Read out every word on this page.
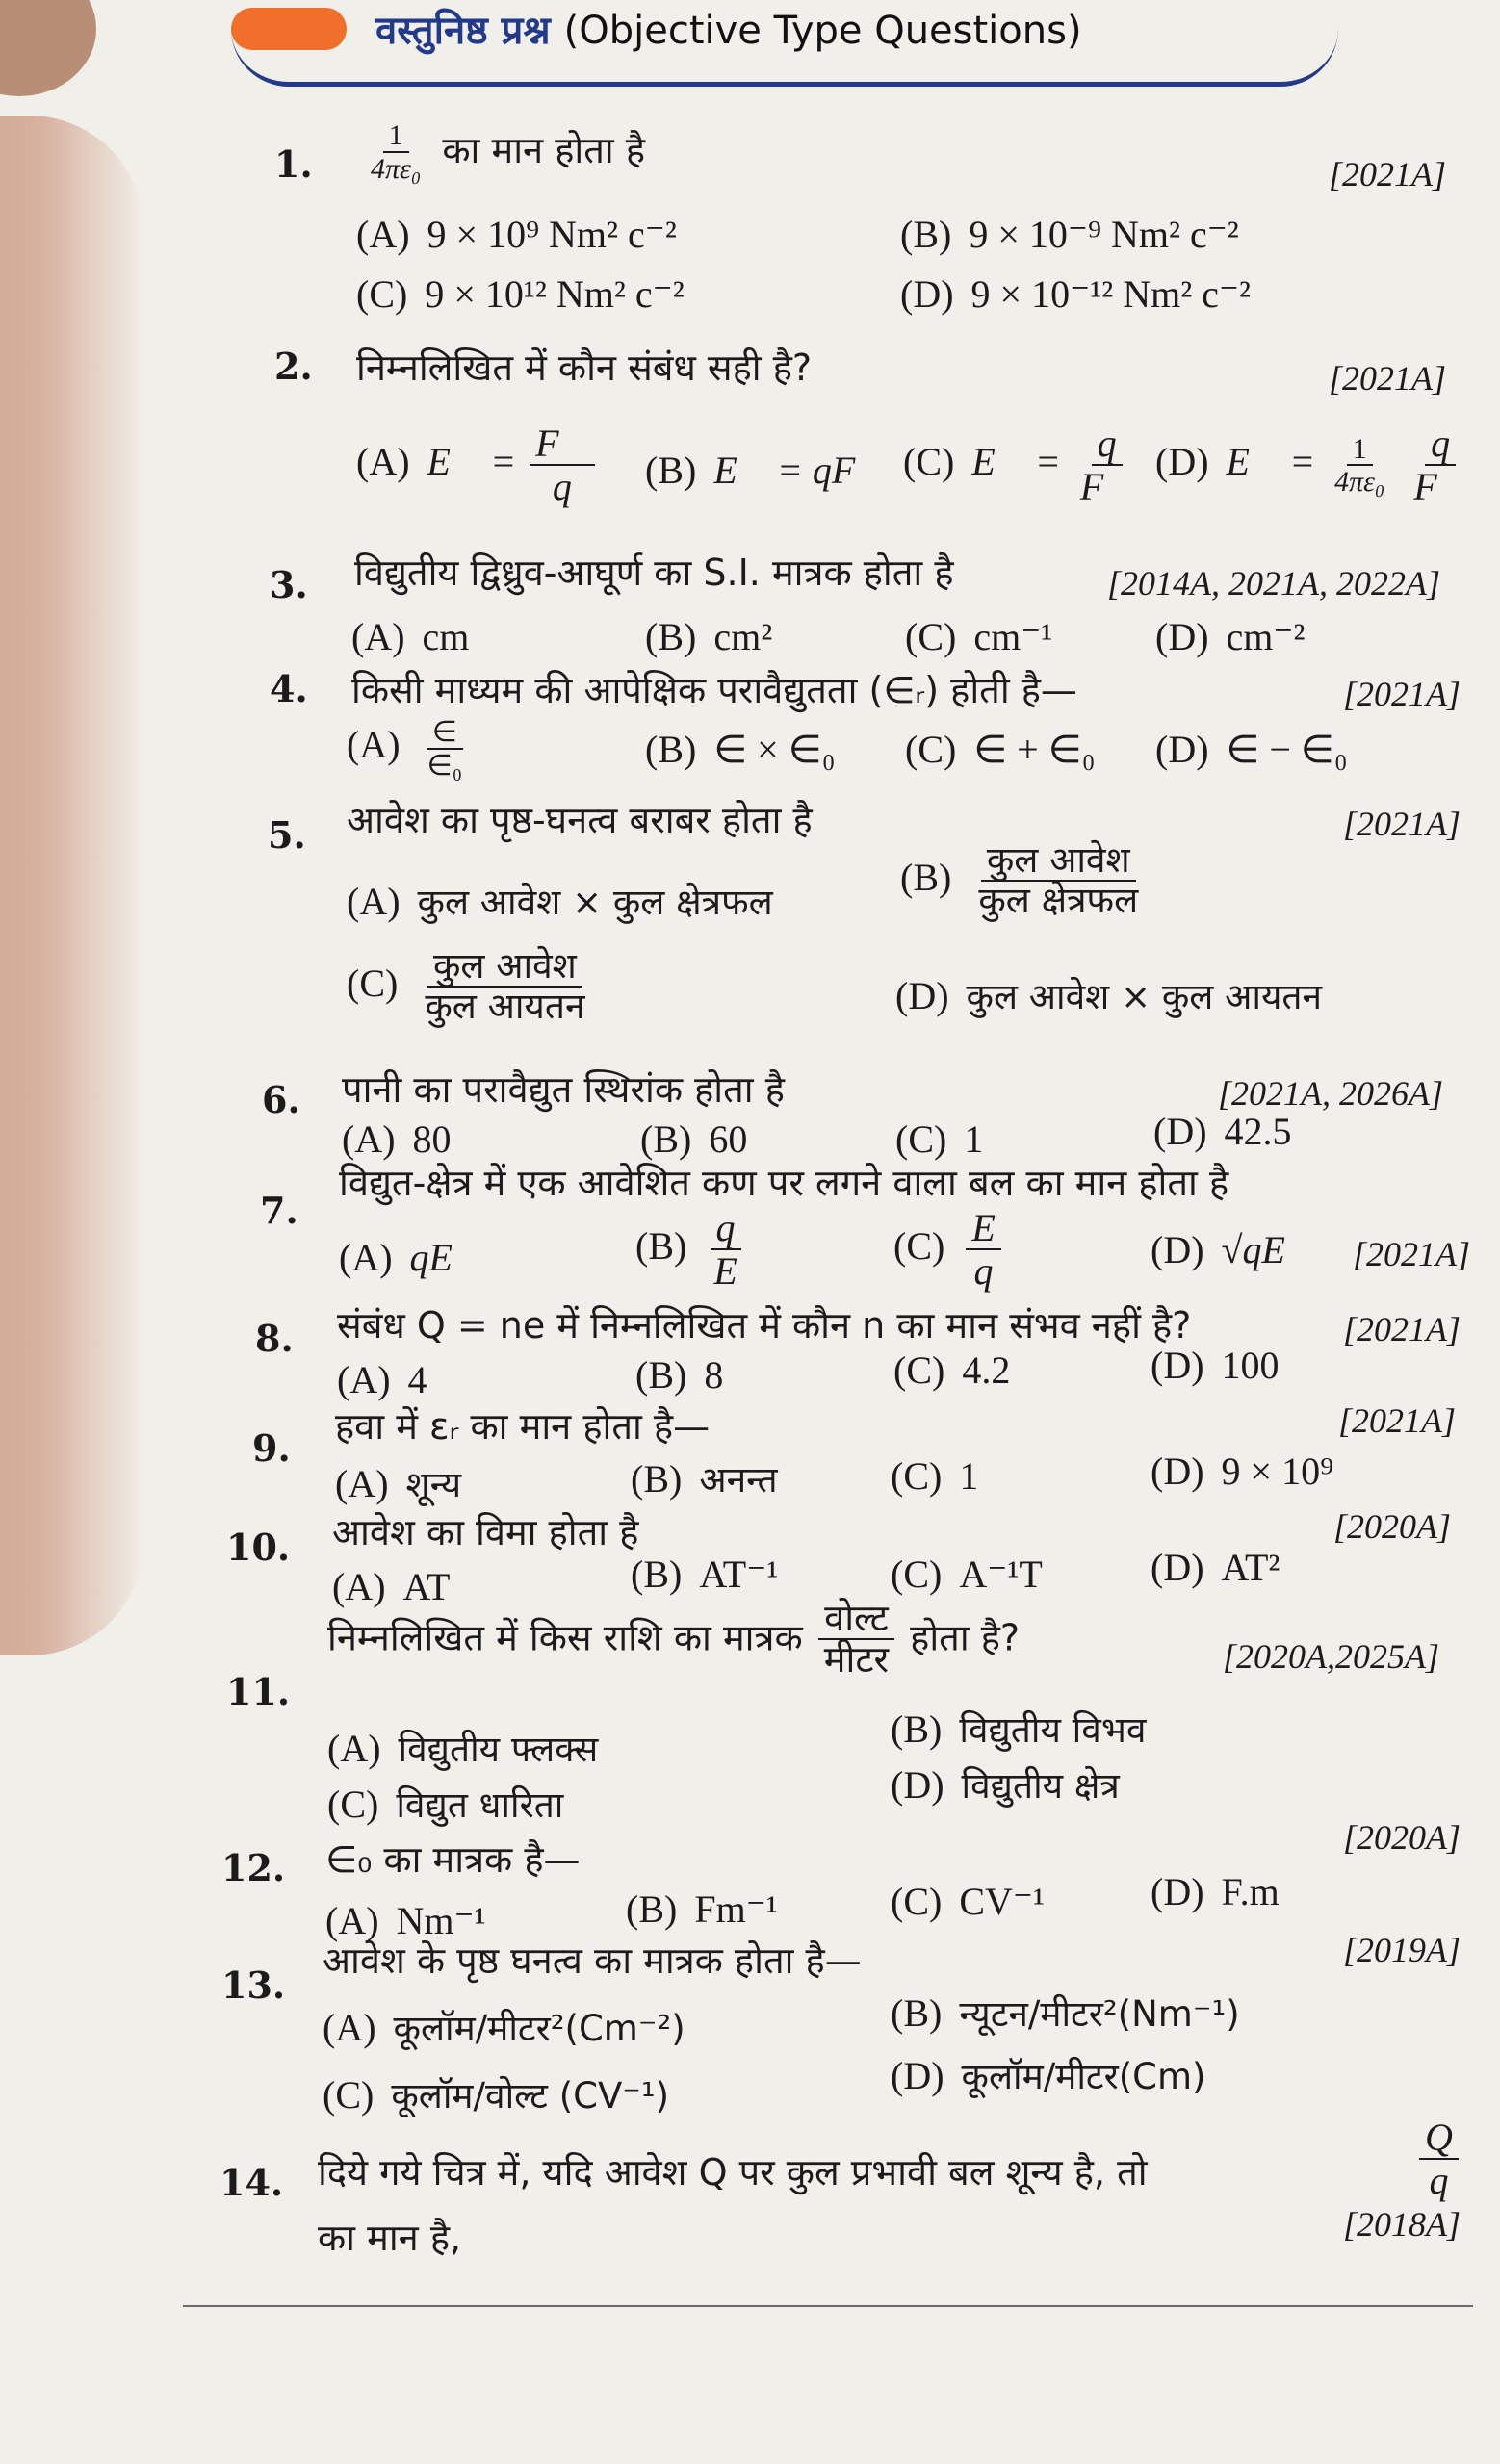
वस्तुनिष्ठ प्रश्न (Objective Type Questions)
1. $\frac{1}{\text{4πε₀}}$ का मान होता है
[2021A]
(A) 9 × 10⁹ Nm² c⁻²	(B) 9 × 10⁻⁹ Nm² c⁻²
(C) 9 × 10¹² Nm² c⁻²	(D) 9 × 10⁻¹² Nm² c⁻²
2. निम्नलिखित में कौन संबंध सही है?	[2021A]
(A) E⃗ = $\frac{F⃗}{q} (B)$ E⃗ = qF⃗ (C) E⃗ = $\frac{q}{F⃗} (D)$ E⃗ = $\frac{1}{\text{4πε₀}}$
$\frac{q}{F⃗}$
3. विद्युतीय द्विध्रुव-आघूर्ण का S.I. मात्रक होता है	[2014A, 2021A, 2022A]
(A) cm	(B) cm²	(C) cm⁻¹	(D) cm⁻²
4. किसी माध्यम की आपेक्षिक परावैद्युतता (∈ᵣ) होती है—	[2021A]
$(A) \frac{\in}{\text{∈₀}}$	(B) ∈ × ∈₀ (C) ∈ + ∈₀ (D) ∈ − ∈₀
5. आवेश का पृष्ठ-घनत्व बराबर होता है	[2021A]
(A) कुल आवेश × कुल क्षेत्रफल
$(B) \frac{\text{कुल आवेश}}{\text{कुल क्षेत्रफल}}$
$(C) \frac{\text{कुल आवेश}}{\text{कुल आयतन}}$	(D) कुल आवेश × कुल आयतन
6. पानी का परावैद्युत स्थिरांक होता है	[2021A, 2026A]
(A) 80	(B) 60	(C) 1	(D) 42.5
7.
विद्युत-क्षेत्र में एक आवेशित कण पर लगने वाला बल का मान होता है
(A) qE	$(B) \frac{q}{E}$	$(C) \frac{E}{q}$	(D) √qE [2021A]
8. संबंध Q = ne में निम्नलिखित में कौन n का मान संभव नहीं है?	[2021A]
(A) 4	(B) 8	(C) 4.2	(D) 100
9. हवा में εᵣ का मान होता है—	[2021A]
(A) शून्य	(B) अनन्त	(C) 1	(D) 9 × 10⁹
10. आवेश का विमा होता है	[2020A]
(A) AT	(B) AT⁻¹	(C) A⁻¹T	(D) AT²
11.
निम्नलिखित में किस राशि का मात्रक $\frac{\text{वोल्ट}}{\text{मीटर}}$ होता है?	[2020A,2025A]
(A) विद्युतीय फ्लक्स	(B) विद्युतीय विभव
(C) विद्युत धारिता	(D) विद्युतीय क्षेत्र
12. ∈₀ का मात्रक है—
[2020A]
(A) Nm⁻¹	(B) Fm⁻¹	(C) CV⁻¹	(D) F.m
13.
आवेश के पृष्ठ घनत्व का मात्रक होता है—	[2019A]
(A) कूलॉम/मीटर²(Cm⁻²)	(B) न्यूटन/मीटर²(Nm⁻¹)
(C) कूलॉम/वोल्ट (CV⁻¹)	(D) कूलॉम/मीटर(Cm)
14. दिये गये चित्र में, यदि आवेश Q पर कुल प्रभावी बल शून्य है, तो	$\frac{Q}{q}$
का मान है,	[2018A]
